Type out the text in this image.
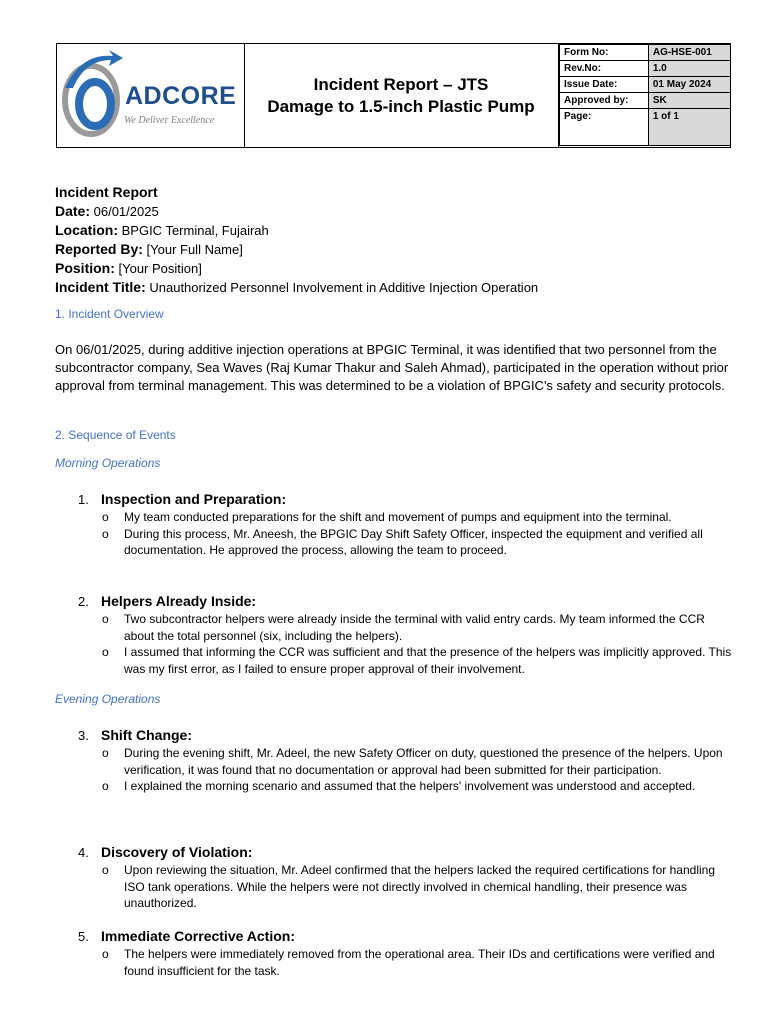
ADCORE
We Deliver Excellence
Incident Report – JTS
Damage to 1.5-inch Plastic Pump
Form No:	AG-HSE-001
Rev.No:	1.0
Issue Date:	01 May 2024
Approved by:	SK
Page:	1 of 1
Incident Report
Date: 06/01/2025
Location: BPGIC Terminal, Fujairah
Reported By: [Your Full Name]
Position: [Your Position]
Incident Title: Unauthorized Personnel Involvement in Additive Injection Operation
1. Incident Overview
On 06/01/2025, during additive injection operations at BPGIC Terminal, it was identified that two personnel from the subcontractor company, Sea Waves (Raj Kumar Thakur and Saleh Ahmad), participated in the operation without prior approval from terminal management. This was determined to be a violation of BPGIC's safety and security protocols.
2. Sequence of Events
Morning Operations
1. Inspection and Preparation:
o My team conducted preparations for the shift and movement of pumps and equipment into the terminal.
o During this process, Mr. Aneesh, the BPGIC Day Shift Safety Officer, inspected the equipment and verified all documentation. He approved the process, allowing the team to proceed.
2. Helpers Already Inside:
o Two subcontractor helpers were already inside the terminal with valid entry cards. My team informed the CCR about the total personnel (six, including the helpers).
o I assumed that informing the CCR was sufficient and that the presence of the helpers was implicitly approved. This was my first error, as I failed to ensure proper approval of their involvement.
Evening Operations
3. Shift Change:
o During the evening shift, Mr. Adeel, the new Safety Officer on duty, questioned the presence of the helpers. Upon verification, it was found that no documentation or approval had been submitted for their participation.
o I explained the morning scenario and assumed that the helpers' involvement was understood and accepted.
4. Discovery of Violation:
o Upon reviewing the situation, Mr. Adeel confirmed that the helpers lacked the required certifications for handling ISO tank operations. While the helpers were not directly involved in chemical handling, their presence was unauthorized.
5. Immediate Corrective Action:
o The helpers were immediately removed from the operational area. Their IDs and certifications were verified and found insufficient for the task.
